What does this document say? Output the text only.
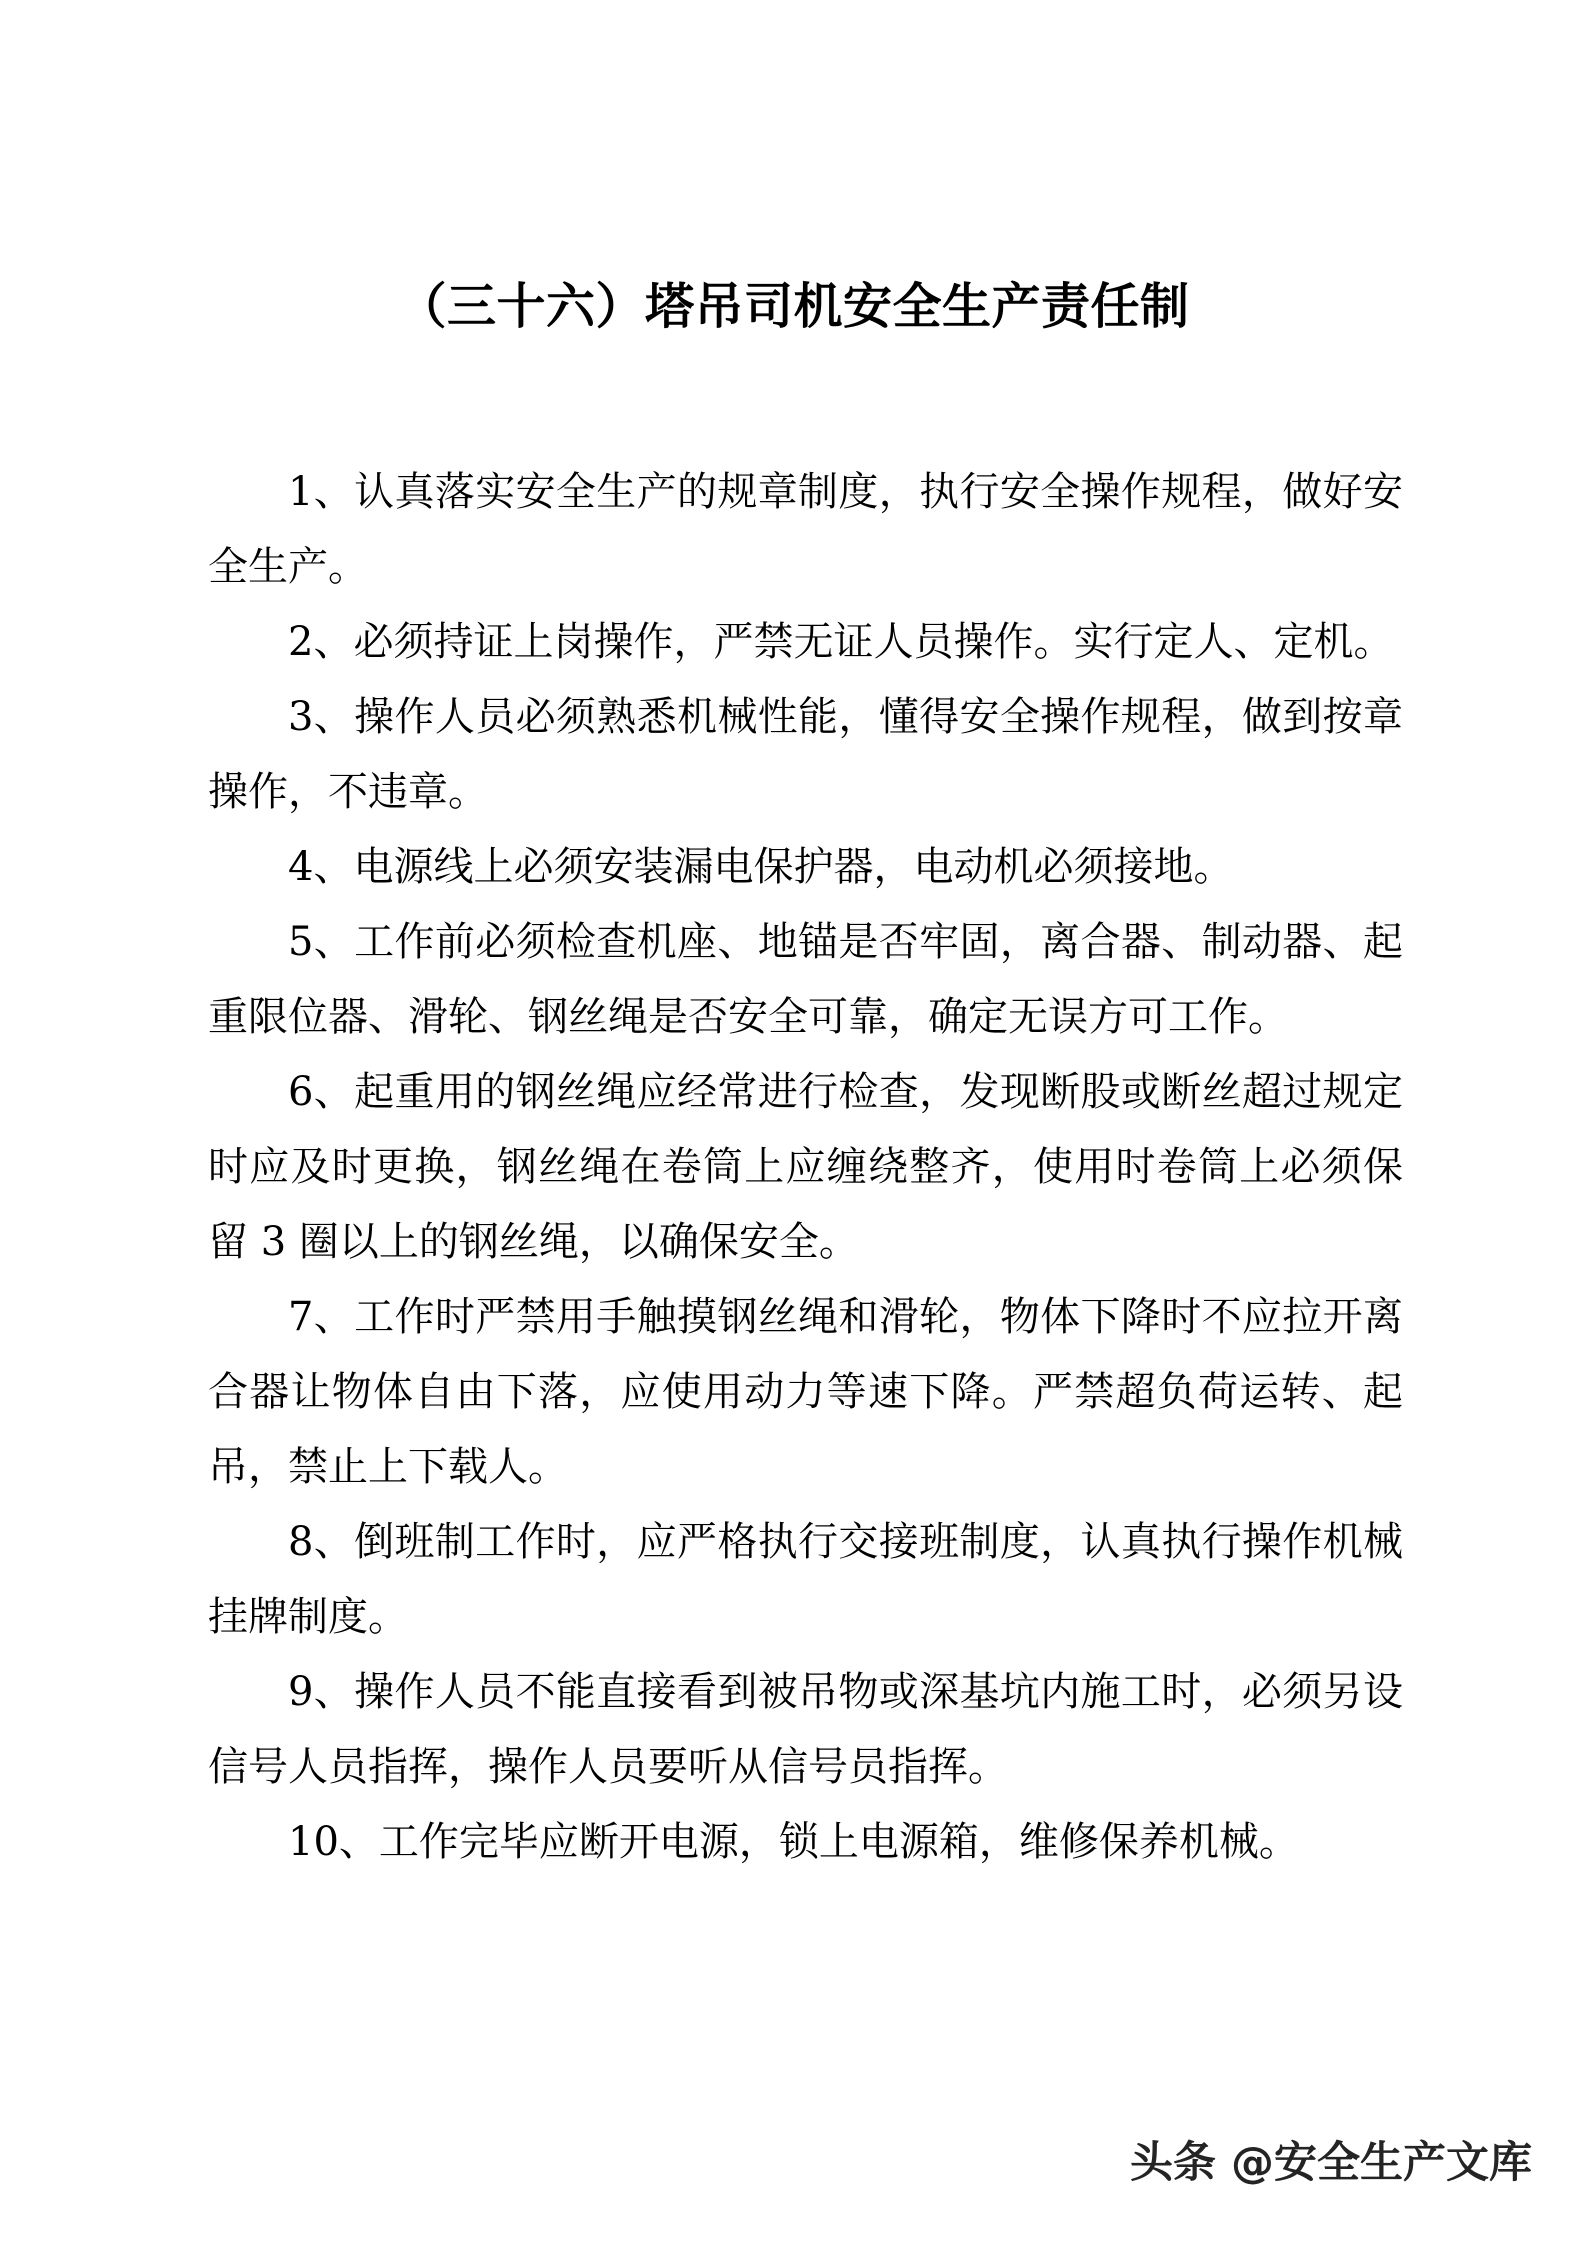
（三十六）塔吊司机安全生产责任制

1、认真落实安全生产的规章制度，执行安全操作规程，做好安全生产。

2、必须持证上岗操作，严禁无证人员操作。实行定人、定机。

3、操作人员必须熟悉机械性能，懂得安全操作规程，做到按章操作，不违章。

4、电源线上必须安装漏电保护器，电动机必须接地。

5、工作前必须检查机座、地锚是否牢固，离合器、制动器、起重限位器、滑轮、钢丝绳是否安全可靠，确定无误方可工作。

6、起重用的钢丝绳应经常进行检查，发现断股或断丝超过规定时应及时更换，钢丝绳在卷筒上应缠绕整齐，使用时卷筒上必须保留 3 圈以上的钢丝绳，以确保安全。

7、工作时严禁用手触摸钢丝绳和滑轮，物体下降时不应拉开离合器让物体自由下落，应使用动力等速下降。严禁超负荷运转、起吊，禁止上下载人。

8、倒班制工作时，应严格执行交接班制度，认真执行操作机械挂牌制度。

9、操作人员不能直接看到被吊物或深基坑内施工时，必须另设信号人员指挥，操作人员要听从信号员指挥。

10、工作完毕应断开电源，锁上电源箱，维修保养机械。

头条 @安全生产文库
